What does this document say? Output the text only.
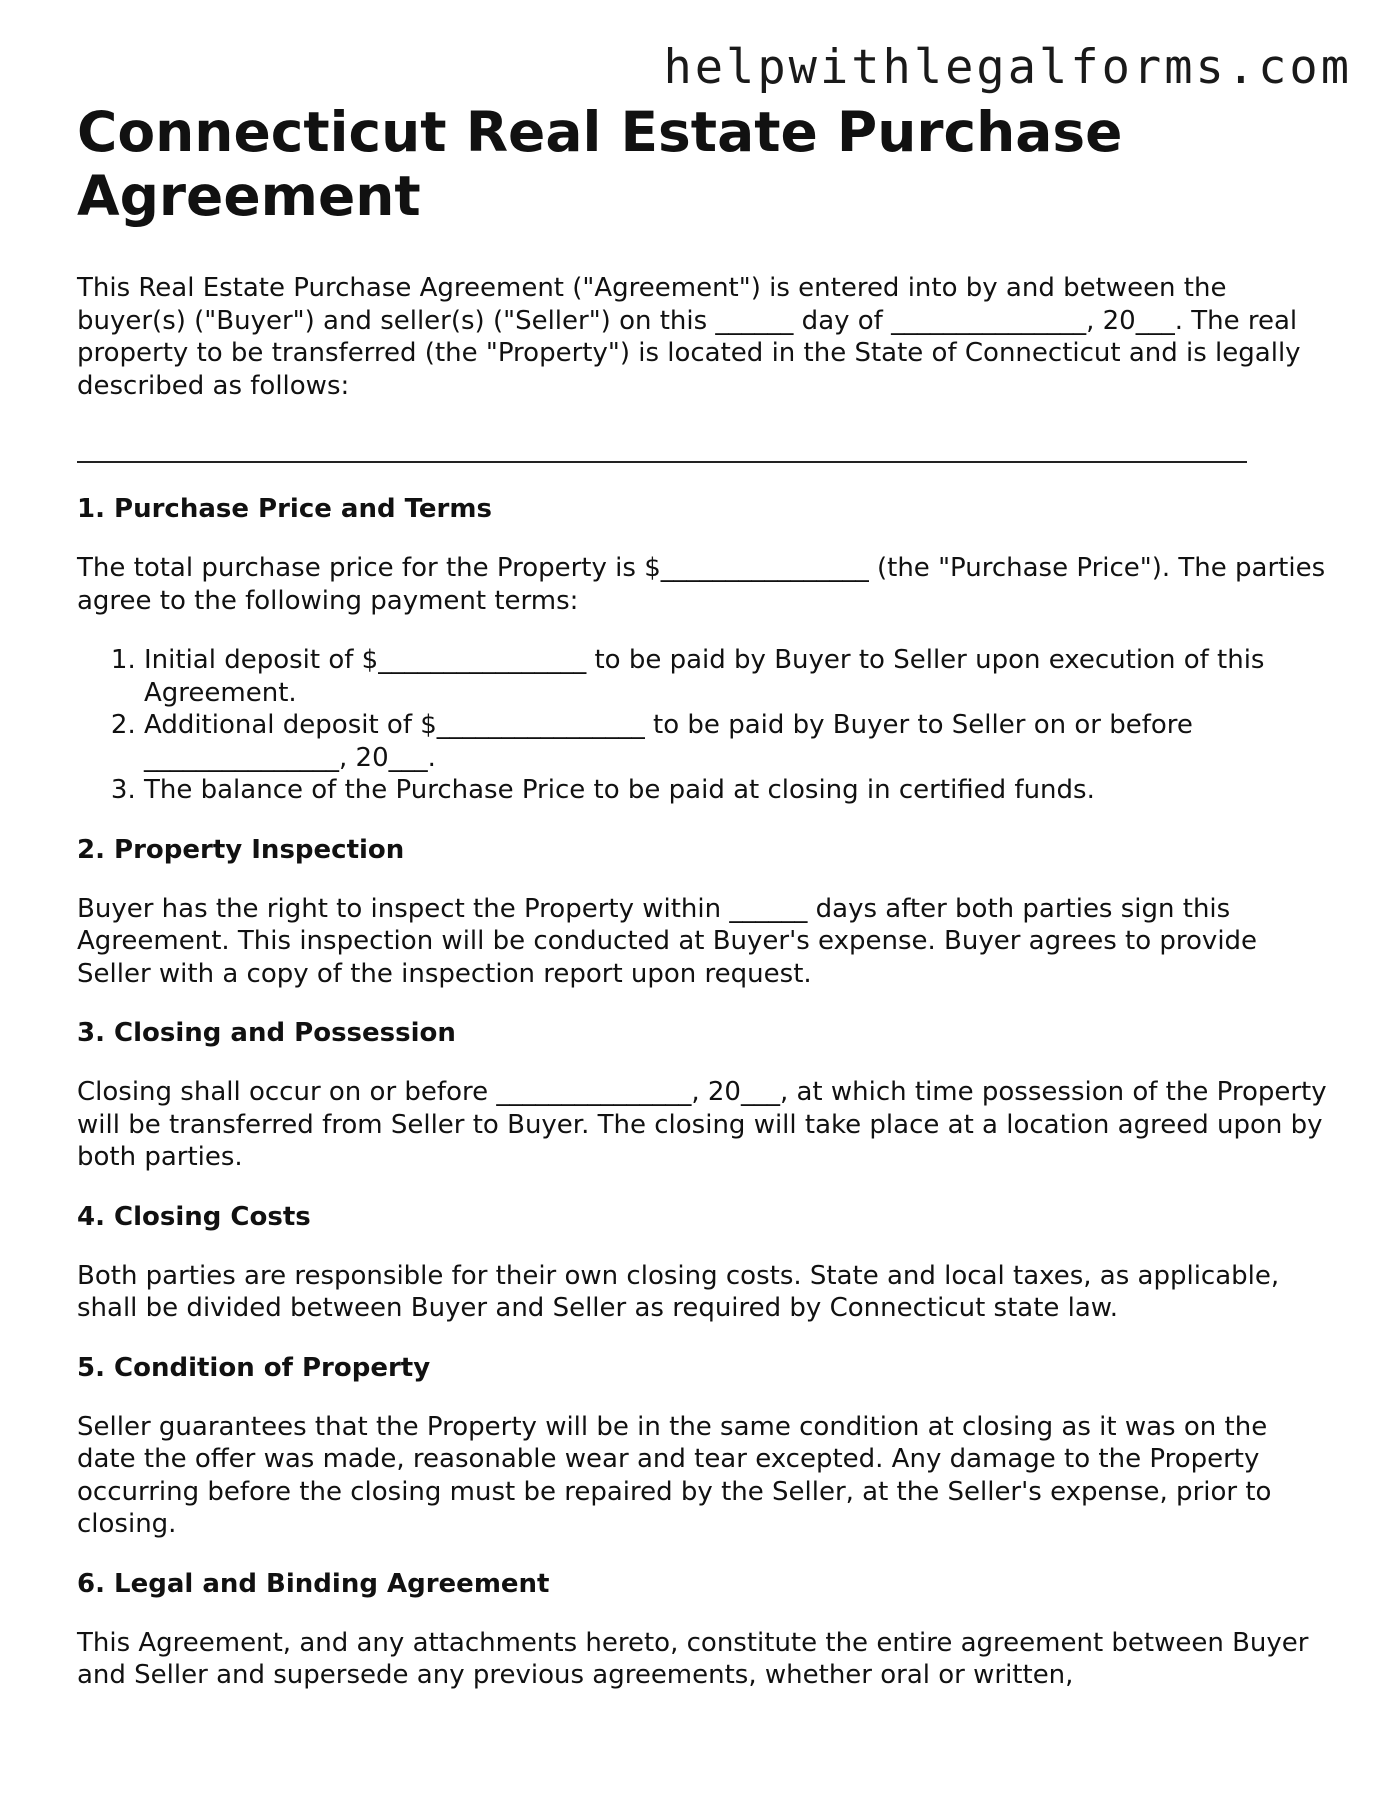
helpwithlegalforms.com
Connecticut Real Estate Purchase Agreement

This Real Estate Purchase Agreement ("Agreement") is entered into by and between the buyer(s) ("Buyer") and seller(s) ("Seller") on this ______ day of _______________, 20___. The real property to be transferred (the "Property") is located in the State of Connecticut and is legally described as follows:

1. Purchase Price and Terms

The total purchase price for the Property is $________________ (the "Purchase Price"). The parties agree to the following payment terms:

1. Initial deposit of $________________ to be paid by Buyer to Seller upon execution of this Agreement.
2. Additional deposit of $________________ to be paid by Buyer to Seller on or before _______________, 20___.
3. The balance of the Purchase Price to be paid at closing in certified funds.
2. Property Inspection

Buyer has the right to inspect the Property within ______ days after both parties sign this Agreement. This inspection will be conducted at Buyer's expense. Buyer agrees to provide Seller with a copy of the inspection report upon request.

3. Closing and Possession

Closing shall occur on or before _______________, 20___, at which time possession of the Property will be transferred from Seller to Buyer. The closing will take place at a location agreed upon by both parties.

4. Closing Costs

Both parties are responsible for their own closing costs. State and local taxes, as applicable, shall be divided between Buyer and Seller as required by Connecticut state law.

5. Condition of Property

Seller guarantees that the Property will be in the same condition at closing as it was on the date the offer was made, reasonable wear and tear excepted. Any damage to the Property occurring before the closing must be repaired by the Seller, at the Seller's expense, prior to closing.

6. Legal and Binding Agreement

This Agreement, and any attachments hereto, constitute the entire agreement between Buyer and Seller and supersede any previous agreements, whether oral or written,
